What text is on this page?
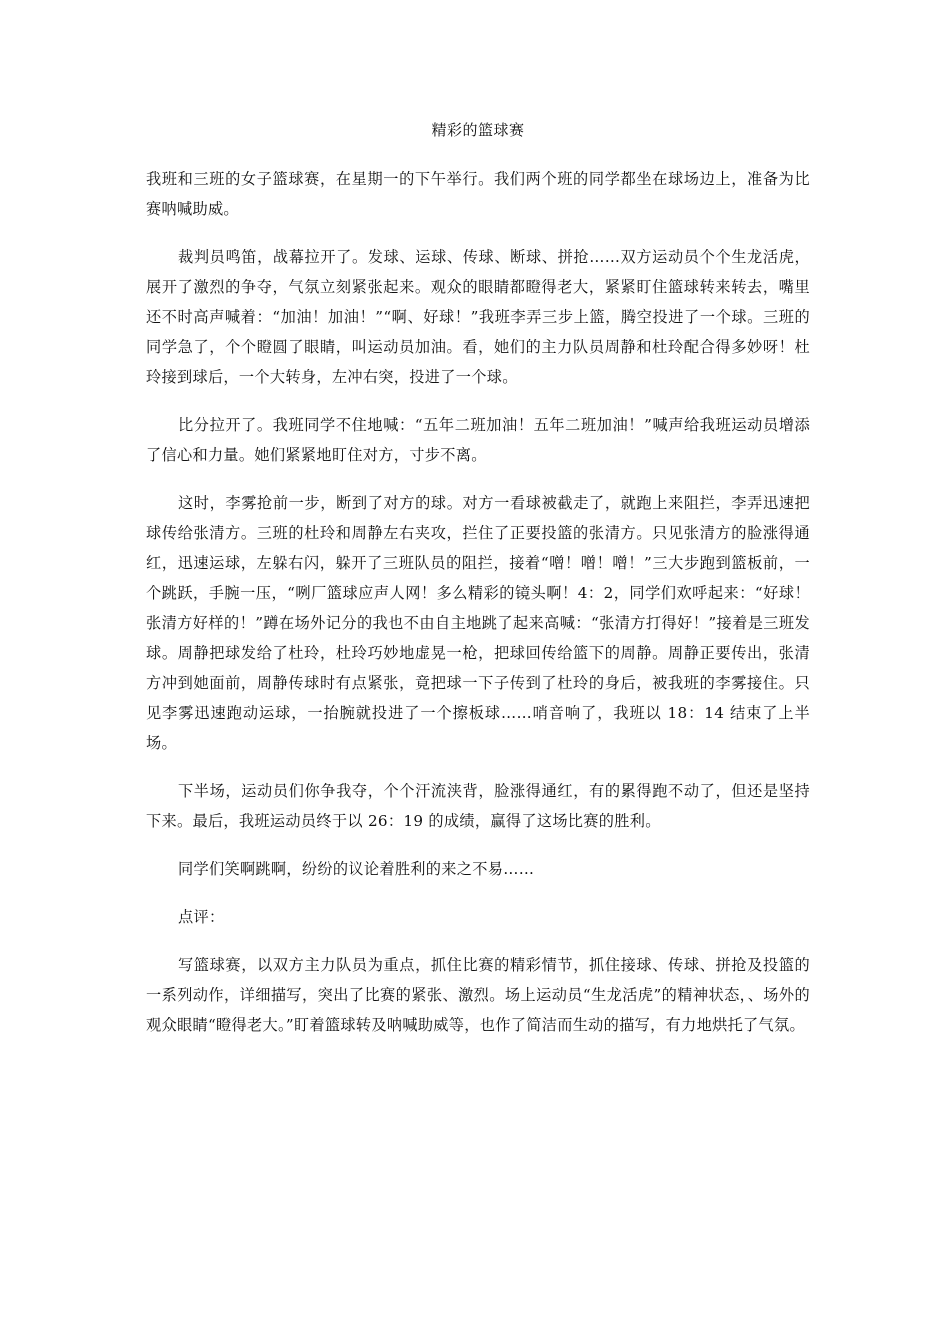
精彩的篮球赛

我班和三班的女子篮球赛，在星期一的下午举行。我们两个班的同学都坐在球场边上，准备为比赛呐喊助威。

裁判员鸣笛，战幕拉开了。发球、运球、传球、断球、拼抢……双方运动员个个生龙活虎，展开了激烈的争夺，气氛立刻紧张起来。观众的眼睛都瞪得老大，紧紧盯住篮球转来转去，嘴里还不时高声喊着：“加油！加油！”“啊、好球！”我班李弄三步上篮，腾空投进了一个球。三班的同学急了，个个瞪圆了眼睛，叫运动员加油。看，她们的主力队员周静和杜玲配合得多妙呀！杜玲接到球后，一个大转身，左冲右突，投进了一个球。

比分拉开了。我班同学不住地喊：“五年二班加油！五年二班加油！”喊声给我班运动员增添了信心和力量。她们紧紧地盯住对方，寸步不离。

这时，李雾抢前一步，断到了对方的球。对方一看球被截走了，就跑上来阻拦，李弄迅速把球传给张清方。三班的杜玲和周静左右夹攻，拦住了正要投篮的张清方。只见张清方的脸涨得通红，迅速运球，左躲右闪，躲开了三班队员的阻拦，接着“噌！噌！噌！”三大步跑到篮板前，一个跳跃，手腕一压，“咧厂篮球应声人网！多么精彩的镜头啊！4：2，同学们欢呼起来：“好球！张清方好样的！”蹲在场外记分的我也不由自主地跳了起来高喊：“张清方打得好！”接着是三班发球。周静把球发给了杜玲，杜玲巧妙地虚晃一枪，把球回传给篮下的周静。周静正要传出，张清方冲到她面前，周静传球时有点紧张，竟把球一下子传到了杜玲的身后，被我班的李雾接住。只见李雾迅速跑动运球，一抬腕就投进了一个擦板球……哨音响了，我班以 18：14 结束了上半场。

下半场，运动员们你争我夺，个个汗流浃背，脸涨得通红，有的累得跑不动了，但还是坚持下来。最后，我班运动员终于以 26：19 的成绩，赢得了这场比赛的胜利。

同学们笑啊跳啊，纷纷的议论着胜利的来之不易……

点评：

写篮球赛，以双方主力队员为重点，抓住比赛的精彩情节，抓住接球、传球、拼抢及投篮的一系列动作，详细描写，突出了比赛的紧张、激烈。场上运动员“生龙活虎”的精神状态，、场外的观众眼睛“瞪得老大。”盯着篮球转及呐喊助威等，也作了简洁而生动的描写，有力地烘托了气氛。
